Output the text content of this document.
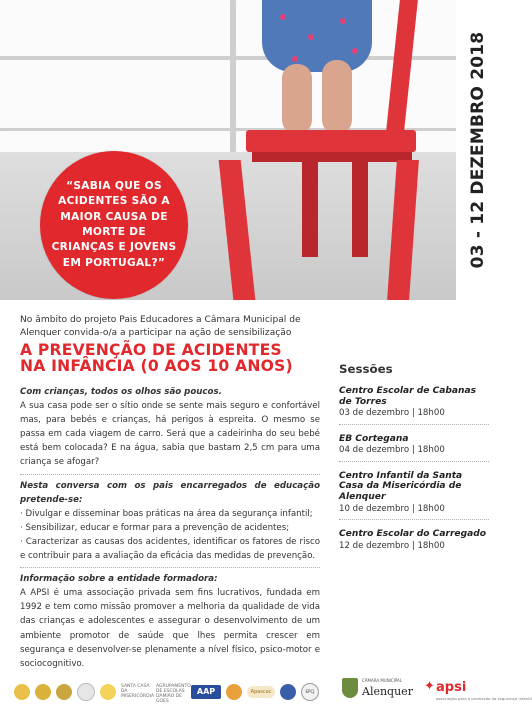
“SABIA QUE OS ACIDENTES SÃO A MAIOR CAUSA DE MORTE DE CRIANÇAS E JOVENS EM PORTUGAL?”	03 - 12 DEZEMBRO 2018
No âmbito do projeto Pais Educadores a Câmara Municipal de Alenquer convida-o/a a participar na ação de sensibilização
A PREVENÇÃO DE ACIDENTES
NA INFÂNCIA (0 AOS 10 ANOS)

Com crianças, todos os olhos são poucos.

A sua casa pode ser o sítio onde se sente mais seguro e confortável mas, para bebés e crianças, há perigos à espreita. O mesmo se passa em cada viagem de carro. Será que a cadeirinha do seu bebé está bem colocada? E na água, sabia que bastam 2,5 cm para uma criança se afogar?

Nesta conversa com os pais encarregados de educação pretende-se:

· Divulgar e disseminar boas práticas na área da segurança infantil;

· Sensibilizar, educar e formar para a prevenção de acidentes;

· Caracterizar as causas dos acidentes, identificar os fatores de risco e contribuir para a avaliação da eficácia das medidas de prevenção.

Informação sobre a entidade formadora:

A APSI é uma associação privada sem fins lucrativos, fundada em 1992 e tem como missão promover a melhoria da qualidade de vida das crianças e adolescentes e assegurar o desenvolvimento de um ambiente promotor de saúde que lhes permita crescer em segurança e desenvolver-se plenamente a nível físico, psico-motor e sociocognitivo.

Sessões
Centro Escolar de Cabanas de Torres
03 de dezembro | 18h00
EB Cortegana
04 de dezembro | 18h00
Centro Infantil da Santa Casa da Misericórdia de Alenquer
10 de dezembro | 18h00
Centro Escolar do Carregado
12 de dezembro | 18h00
SANTA CASA DA MISERICÓRDIA
AGRUPAMENTO DE ESCOLAS DAMIÃO DE GOES
AAP	Apascac	EPCJ
CÂMARA MUNICIPAL
Alenquer ✦ apsi
associação para a promoção da segurança infantil
